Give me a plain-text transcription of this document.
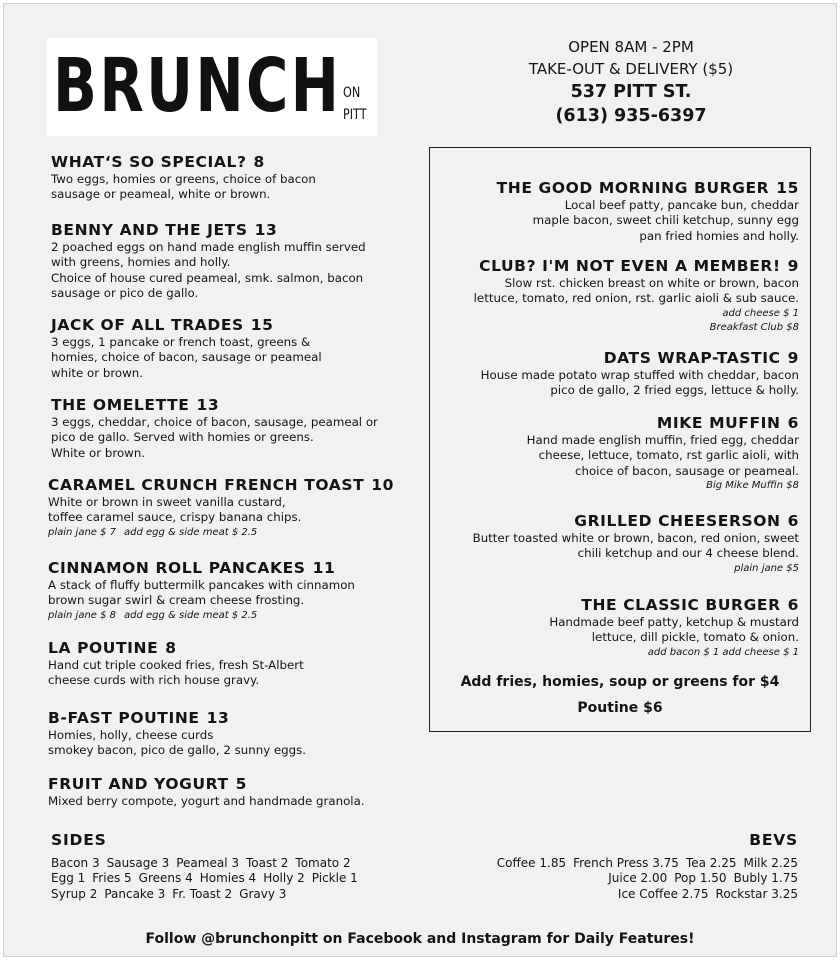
BRUNCH ON
PITT
OPEN 8AM - 2PM
TAKE-OUT & DELIVERY ($5)
537 PITT ST.
(613) 935-6397
WHAT‘S SO SPECIAL? 8
Two eggs, homies or greens, choice of bacon
sausage or peameal, white or brown.
BENNY AND THE JETS 13
2 poached eggs on hand made english muffin served
with greens, homies and holly.
Choice of house cured peameal, smk. salmon, bacon
sausage or pico de gallo.
JACK OF ALL TRADES 15
3 eggs, 1 pancake or french toast, greens &
homies, choice of bacon, sausage or peameal
white or brown.
THE OMELETTE 13
3 eggs, cheddar, choice of bacon, sausage, peameal or
pico de gallo. Served with homies or greens.
White or brown.
CARAMEL CRUNCH FRENCH TOAST 10
White or brown in sweet vanilla custard,
toffee caramel sauce, crispy banana chips.
plain jane $ 7 add egg & side meat $ 2.5
CINNAMON ROLL PANCAKES 11
A stack of fluffy buttermilk pancakes with cinnamon
brown sugar swirl & cream cheese frosting.
plain jane $ 8 add egg & side meat $ 2.5
LA POUTINE 8
Hand cut triple cooked fries, fresh St-Albert
cheese curds with rich house gravy.
B-FAST POUTINE 13
Homies, holly, cheese curds
smokey bacon, pico de gallo, 2 sunny eggs.
FRUIT AND YOGURT 5
Mixed berry compote, yogurt and handmade granola.
THE GOOD MORNING BURGER 15
Local beef patty, pancake bun, cheddar
maple bacon, sweet chili ketchup, sunny egg
pan fried homies and holly.
CLUB? I'M NOT EVEN A MEMBER! 9
Slow rst. chicken breast on white or brown, bacon
lettuce, tomato, red onion, rst. garlic aioli & sub sauce.
add cheese $ 1
Breakfast Club $8
DATS WRAP-TASTIC 9
House made potato wrap stuffed with cheddar, bacon
pico de gallo, 2 fried eggs, lettuce & holly.
MIKE MUFFIN 6
Hand made english muffin, fried egg, cheddar
cheese, lettuce, tomato, rst garlic aioli, with
choice of bacon, sausage or peameal.
Big Mike Muffin $8
GRILLED CHEESERSON 6
Butter toasted white or brown, bacon, red onion, sweet
chili ketchup and our 4 cheese blend.
plain jane $5
THE CLASSIC BURGER 6
Handmade beef patty, ketchup & mustard
lettuce, dill pickle, tomato & onion.
add bacon $ 1 add cheese $ 1
Add fries, homies, soup or greens for $4
Poutine $6
SIDES
Bacon 3 Sausage 3 Peameal 3 Toast 2 Tomato 2
Egg 1 Fries 5 Greens 4 Homies 4 Holly 2 Pickle 1
Syrup 2 Pancake 3 Fr. Toast 2 Gravy 3
BEVS
Coffee 1.85 French Press 3.75 Tea 2.25 Milk 2.25
Juice 2.00 Pop 1.50 Bubly 1.75
Ice Coffee 2.75 Rockstar 3.25
Follow @brunchonpitt on Facebook and Instagram for Daily Features!
